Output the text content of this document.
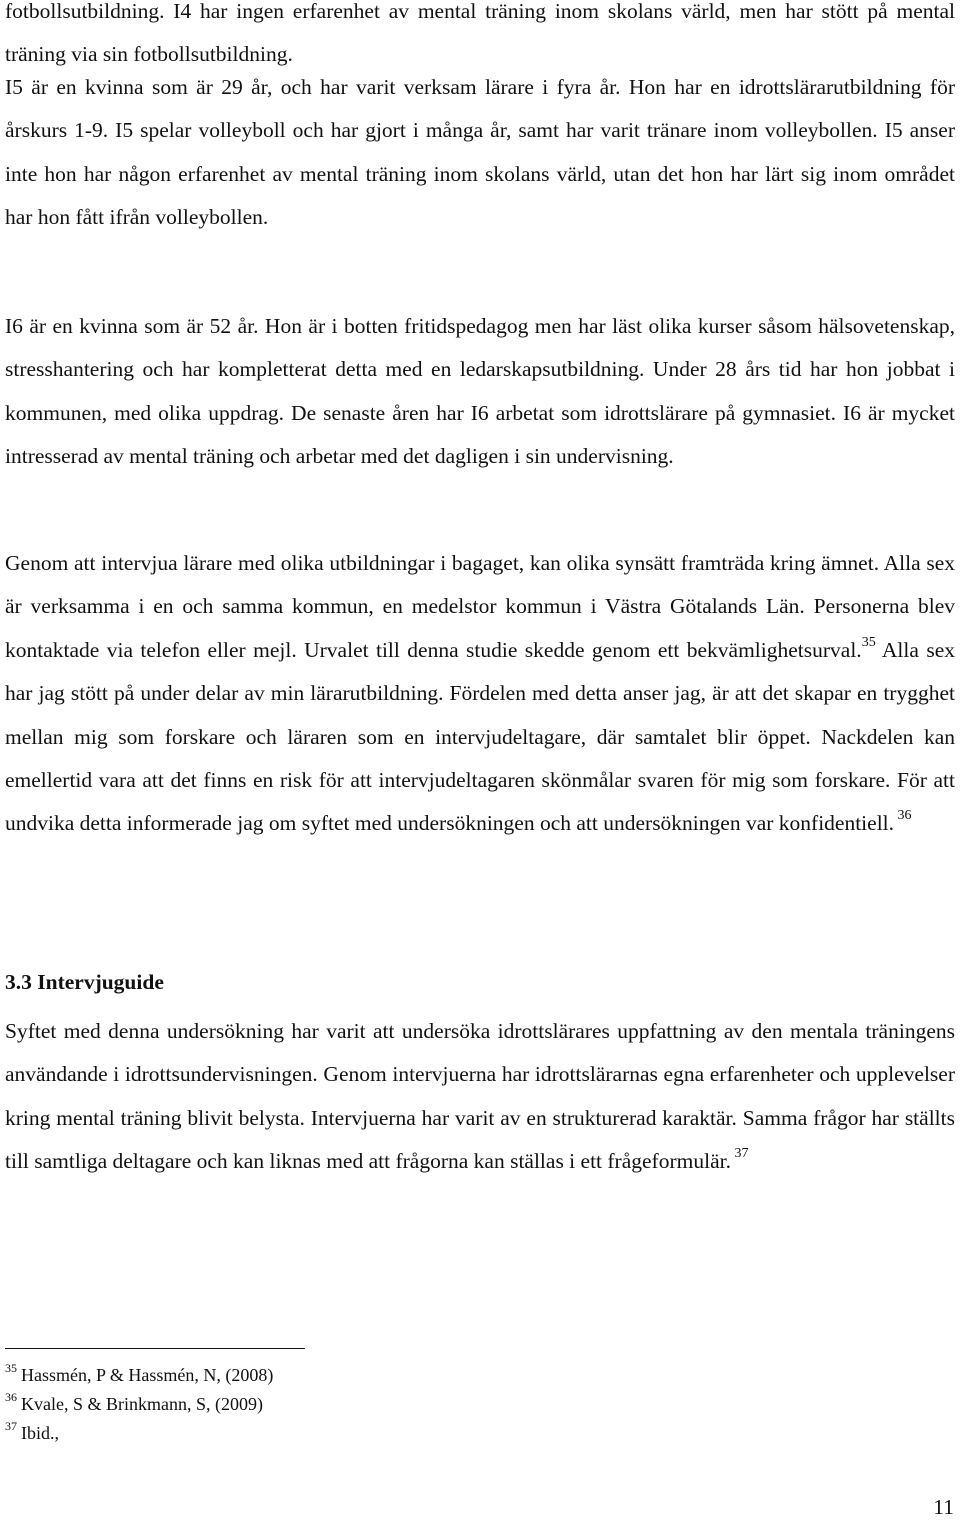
fotbollsutbildning. I4 har ingen erfarenhet av mental träning inom skolans värld, men har stött på mental träning via sin fotbollsutbildning.

I5 är en kvinna som är 29 år, och har varit verksam lärare i fyra år. Hon har en idrottslärarutbildning för årskurs 1-9. I5 spelar volleyboll och har gjort i många år, samt har varit tränare inom volleybollen. I5 anser inte hon har någon erfarenhet av mental träning inom skolans värld, utan det hon har lärt sig inom området har hon fått ifrån volleybollen.

I6 är en kvinna som är 52 år. Hon är i botten fritidspedagog men har läst olika kurser såsom hälsovetenskap, stresshantering och har kompletterat detta med en ledarskapsutbildning. Under 28 års tid har hon jobbat i kommunen, med olika uppdrag. De senaste åren har I6 arbetat som idrottslärare på gymnasiet. I6 är mycket intresserad av mental träning och arbetar med det dagligen i sin undervisning.

Genom att intervjua lärare med olika utbildningar i bagaget, kan olika synsätt framträda kring ämnet. Alla sex är verksamma i en och samma kommun, en medelstor kommun i Västra Götalands Län. Personerna blev kontaktade via telefon eller mejl. Urvalet till denna studie skedde genom ett bekvämlighetsurval.$^{35}$ Alla sex har jag stött på under delar av min lärarutbildning. Fördelen med detta anser jag, är att det skapar en trygghet mellan mig som forskare och läraren som en intervjudeltagare, där samtalet blir öppet. Nackdelen kan emellertid vara att det finns en risk för att intervjudeltagaren skönmålar svaren för mig som forskare. För att undvika detta informerade jag om syftet med undersökningen och att undersökningen var konfidentiell. $^{36}$

3.3 Intervjuguide

Syftet med denna undersökning har varit att undersöka idrottslärares uppfattning av den mentala träningens användande i idrottsundervisningen. Genom intervjuerna har idrottslärarnas egna erfarenheter och upplevelser kring mental träning blivit belysta. Intervjuerna har varit av en strukturerad karaktär. Samma frågor har ställts till samtliga deltagare och kan liknas med att frågorna kan ställas i ett frågeformulär. $^{37}$

$^{35}$ Hassmén, P & Hassmén, N, (2008)
$^{36}$ Kvale, S & Brinkmann, S, (2009)
$^{37}$ Ibid.,
11
